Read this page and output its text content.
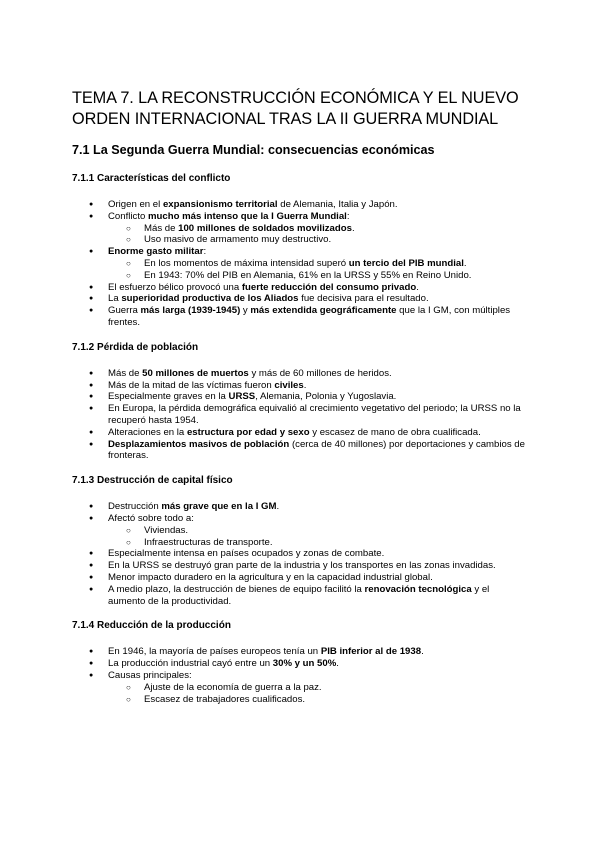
TEMA 7. LA RECONSTRUCCIÓN ECONÓMICA Y EL NUEVO ORDEN INTERNACIONAL TRAS LA II GUERRA MUNDIAL
7.1 La Segunda Guerra Mundial: consecuencias económicas
7.1.1 Características del conflicto
● Origen en el expansionismo territorial de Alemania, Italia y Japón.
● Conflicto mucho más intenso que la I Guerra Mundial:
○ Más de 100 millones de soldados movilizados.
○ Uso masivo de armamento muy destructivo.
● Enorme gasto militar:
○ En los momentos de máxima intensidad superó un tercio del PIB mundial.
○ En 1943: 70% del PIB en Alemania, 61% en la URSS y 55% en Reino Unido.
● El esfuerzo bélico provocó una fuerte reducción del consumo privado.
● La superioridad productiva de los Aliados fue decisiva para el resultado.
● Guerra más larga (1939-1945) y más extendida geográficamente que la I GM, con múltiples frentes.
7.1.2 Pérdida de población
● Más de 50 millones de muertos y más de 60 millones de heridos.
● Más de la mitad de las víctimas fueron civiles.
● Especialmente graves en la URSS, Alemania, Polonia y Yugoslavia.
● En Europa, la pérdida demográfica equivalió al crecimiento vegetativo del periodo; la URSS no la recuperó hasta 1954.
● Alteraciones en la estructura por edad y sexo y escasez de mano de obra cualificada.
● Desplazamientos masivos de población (cerca de 40 millones) por deportaciones y cambios de fronteras.
7.1.3 Destrucción de capital físico
● Destrucción más grave que en la I GM.
● Afectó sobre todo a:
○ Viviendas.
○ Infraestructuras de transporte.
● Especialmente intensa en países ocupados y zonas de combate.
● En la URSS se destruyó gran parte de la industria y los transportes en las zonas invadidas.
● Menor impacto duradero en la agricultura y en la capacidad industrial global.
● A medio plazo, la destrucción de bienes de equipo facilitó la renovación tecnológica y el aumento de la productividad.
7.1.4 Reducción de la producción
● En 1946, la mayoría de países europeos tenía un PIB inferior al de 1938.
● La producción industrial cayó entre un 30% y un 50%.
● Causas principales:
○ Ajuste de la economía de guerra a la paz.
○ Escasez de trabajadores cualificados.
